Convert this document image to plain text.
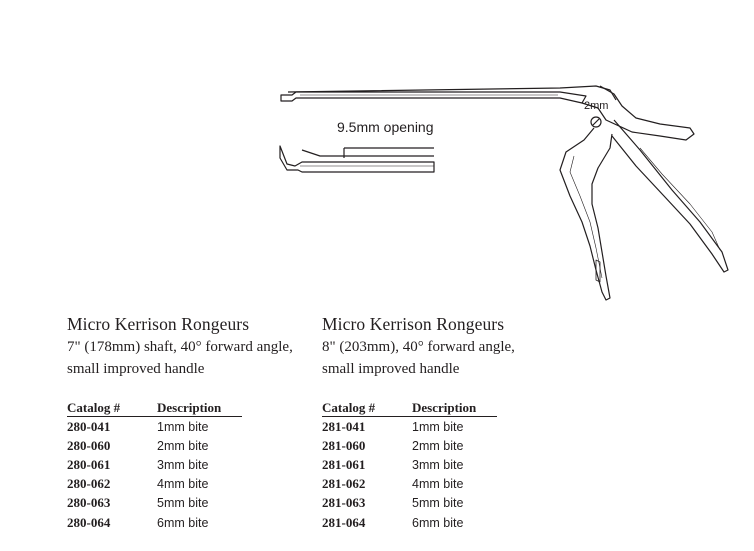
9.5mm opening
2mm
Micro Kerrison Rongeurs

7" (178mm) shaft, 40° forward angle,

small improved handle

Catalog #	Description
280-041	1mm bite
280-060	2mm bite
280-061	3mm bite
280-062	4mm bite
280-063	5mm bite
280-064	6mm bite
Micro Kerrison Rongeurs

8" (203mm), 40° forward angle,

small improved handle

Catalog #	Description
281-041	1mm bite
281-060	2mm bite
281-061	3mm bite
281-062	4mm bite
281-063	5mm bite
281-064	6mm bite
